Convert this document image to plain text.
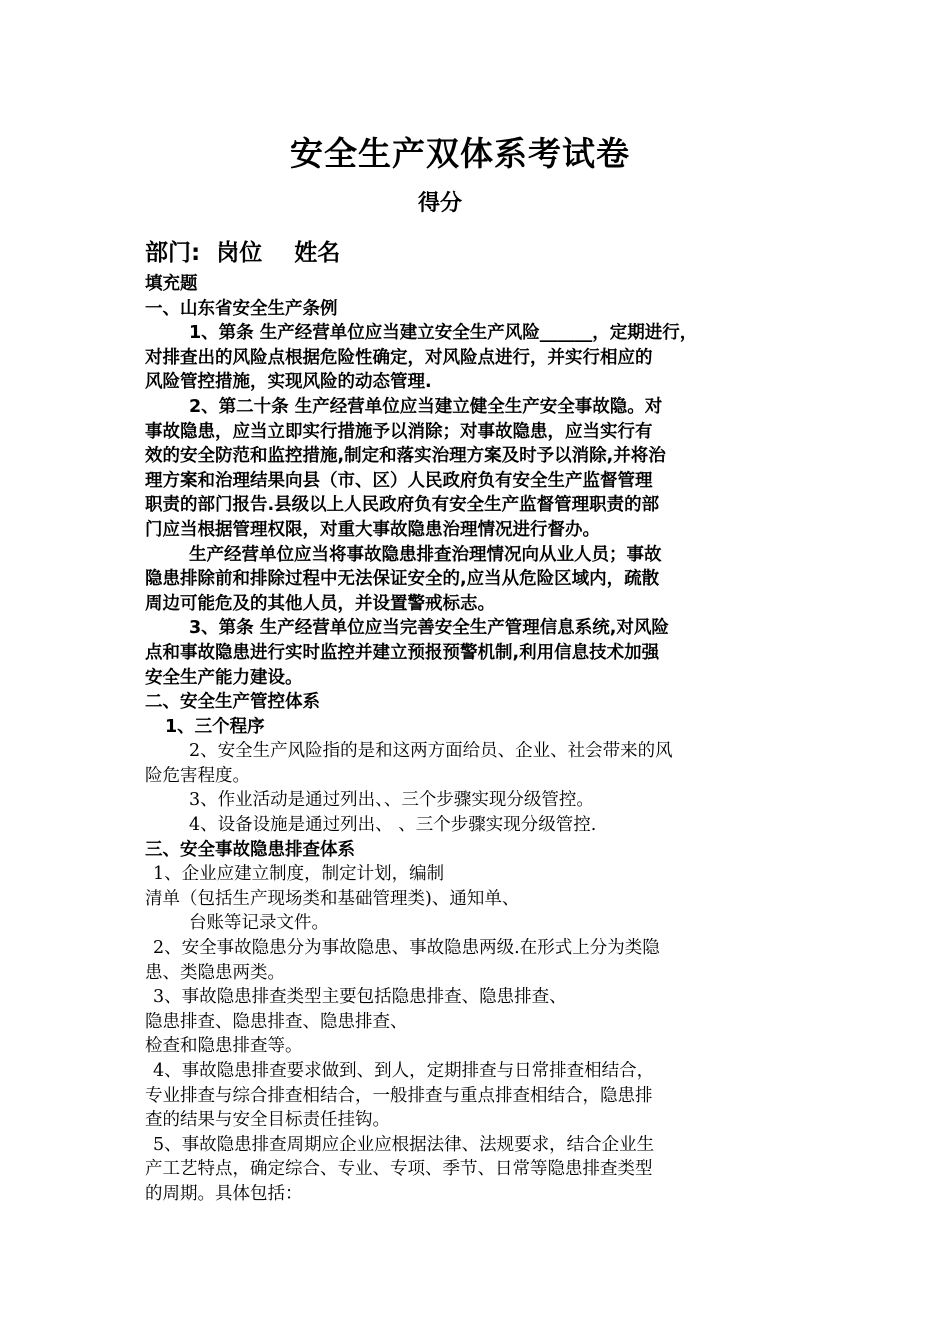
安全生产双体系考试卷
得分
部门:  岗位    姓名
填充题
一、山东省安全生产条例
1、第条 生产经营单位应当建立安全生产风险______，定期进行，
对排查出的风险点根据危险性确定，对风险点进行，并实行相应的
风险管控措施，实现风险的动态管理.
2、第二十条 生产经营单位应当建立健全生产安全事故隐。对
事故隐患，应当立即实行措施予以消除；对事故隐患，应当实行有
效的安全防范和监控措施,制定和落实治理方案及时予以消除,并将治
理方案和治理结果向县（市、区）人民政府负有安全生产监督管理
职责的部门报告.县级以上人民政府负有安全生产监督管理职责的部
门应当根据管理权限，对重大事故隐患治理情况进行督办。
生产经营单位应当将事故隐患排查治理情况向从业人员；事故
隐患排除前和排除过程中无法保证安全的,应当从危险区域内，疏散
周边可能危及的其他人员，并设置警戒标志。
3、第条 生产经营单位应当完善安全生产管理信息系统,对风险
点和事故隐患进行实时监控并建立预报预警机制,利用信息技术加强
安全生产能力建设。
二、安全生产管控体系
1、三个程序
2、安全生产风险指的是和这两方面给员、企业、社会带来的风
险危害程度。
3、作业活动是通过列出、、三个步骤实现分级管控。
4、设备设施是通过列出、 、三个步骤实现分级管控.
三、安全事故隐患排查体系
1、企业应建立制度，制定计划，编制
清单（包括生产现场类和基础管理类)、通知单、
台账等记录文件。
2、安全事故隐患分为事故隐患、事故隐患两级.在形式上分为类隐
患、类隐患两类。
3、事故隐患排查类型主要包括隐患排查、隐患排查、
隐患排查、隐患排查、隐患排查、
检查和隐患排查等。
4、事故隐患排查要求做到、到人，定期排查与日常排查相结合，
专业排查与综合排查相结合，一般排查与重点排查相结合，隐患排
查的结果与安全目标责任挂钩。
5、事故隐患排查周期应企业应根据法律、法规要求，结合企业生
产工艺特点，确定综合、专业、专项、季节、日常等隐患排查类型
的周期。具体包括：
